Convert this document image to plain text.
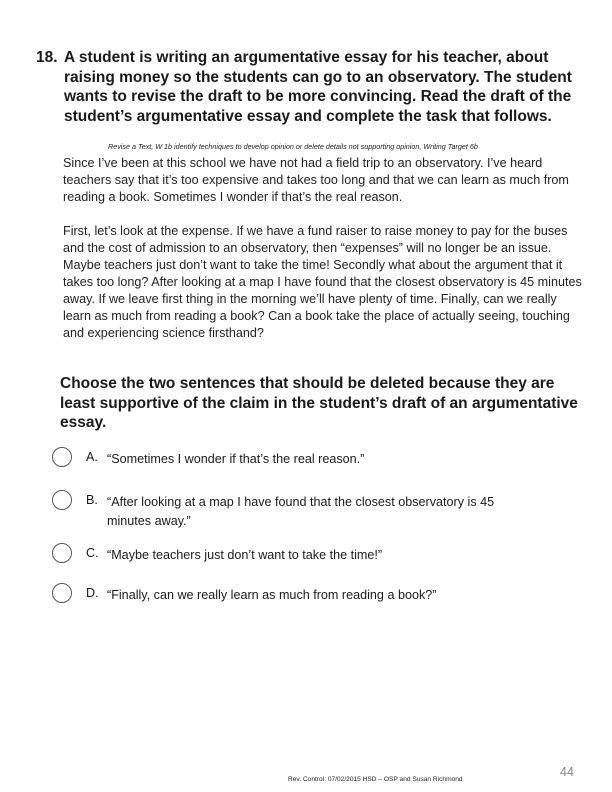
18. A student is writing an argumentative essay for his teacher, about raising money so the students can go to an observatory. The student wants to revise the draft to be more convincing. Read the draft of the student’s argumentative essay and complete the task that follows.
Revise a Text, W 1b identify techniques to develop opinion or delete details not supporting opinion, Writing Target 6b

Since I’ve been at this school we have not had a field trip to an observatory. I’ve heard teachers say that it’s too expensive and takes too long and that we can learn as much from reading a book. Sometimes I wonder if that’s the real reason.

First, let’s look at the expense. If we have a fund raiser to raise money to pay for the buses and the cost of admission to an observatory, then “expenses” will no longer be an issue. Maybe teachers just don’t want to take the time! Secondly what about the argument that it takes too long? After looking at a map I have found that the closest observatory is 45 minutes away. If we leave first thing in the morning we’ll have plenty of time. Finally, can we really learn as much from reading a book? Can a book take the place of actually seeing, touching and experiencing science firsthand?

Choose the two sentences that should be deleted because they are least supportive of the claim in the student’s draft of an argumentative essay.
A. “Sometimes I wonder if that’s the real reason.”
B. “After looking at a map I have found that the closest observatory is 45 minutes away.”
C. “Maybe teachers just don’t want to take the time!”
D. “Finally, can we really learn as much from reading a book?”
Rev. Control: 07/02/2015 HSD – OSP and Susan Richmond
44
